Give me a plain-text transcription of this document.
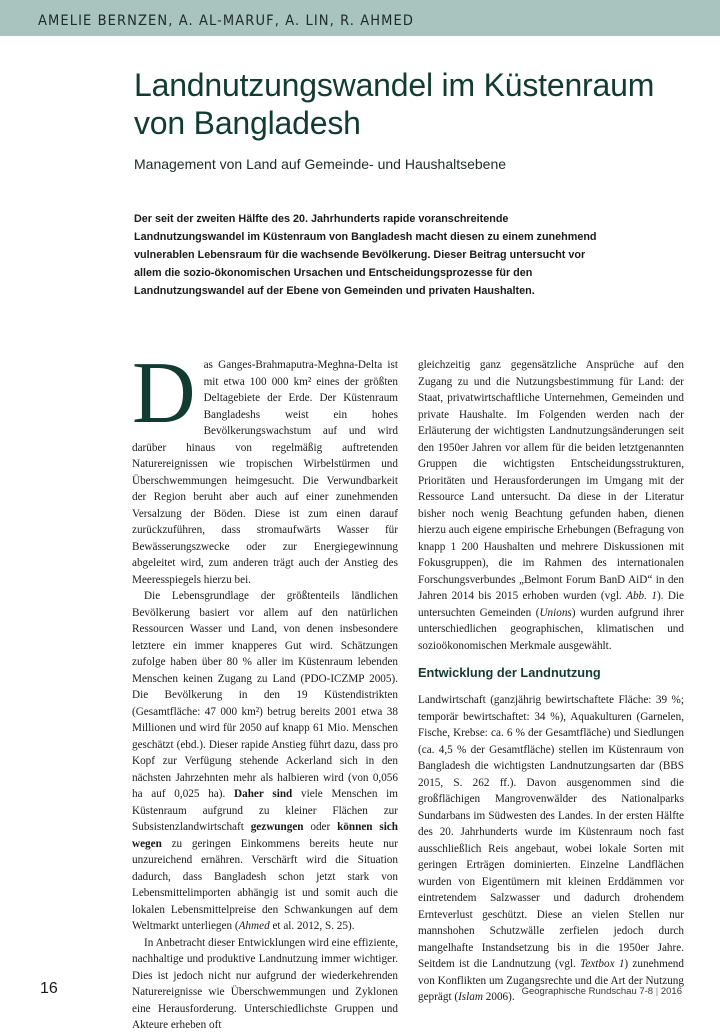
AMELIE BERNZEN, A. AL-MARUF, A. LIN, R. AHMED
Landnutzungswandel im Küstenraum von Bangladesh
Management von Land auf Gemeinde- und Haushaltsebene

Der seit der zweiten Hälfte des 20. Jahrhunderts rapide voranschreitende Landnutzungswandel im Küstenraum von Bangladesh macht diesen zu einem zunehmend vulnerablen Lebensraum für die wachsende Bevölkerung. Dieser Beitrag untersucht vor allem die sozio-ökonomischen Ursachen und Entscheidungsprozesse für den Landnutzungswandel auf der Ebene von Gemeinden und privaten Haushalten.

Das Ganges-Brahmaputra-Meghna-Delta ist mit etwa 100 000 km² eines der größten Deltagebiete der Erde. Der Küstenraum Bangladeshs weist ein hohes Bevölkerungswachstum auf und wird darüber hinaus von regelmäßig auftretenden Naturereignissen wie tropischen Wirbelstürmen und Überschwemmungen heimgesucht. Die Verwundbarkeit der Region beruht aber auch auf einer zunehmenden Versalzung der Böden. Diese ist zum einen darauf zurückzuführen, dass stromaufwärts Wasser für Bewässerungszwecke oder zur Energiegewinnung abgeleitet wird, zum anderen trägt auch der Anstieg des Meeresspiegels hierzu bei.

Die Lebensgrundlage der größtenteils ländlichen Bevölkerung basiert vor allem auf den natürlichen Ressourcen Wasser und Land, von denen insbesondere letztere ein immer knapperes Gut wird. Schätzungen zufolge haben über 80 % aller im Küstenraum lebenden Menschen keinen Zugang zu Land (PDO-ICZMP 2005). Die Bevölkerung in den 19 Küstendistrikten (Gesamtfläche: 47 000 km²) betrug bereits 2001 etwa 38 Millionen und wird für 2050 auf knapp 61 Mio. Menschen geschätzt (ebd.). Dieser rapide Anstieg führt dazu, dass pro Kopf zur Verfügung stehende Ackerland sich in den nächsten Jahrzehnten mehr als halbieren wird (von 0,056 ha auf 0,025 ha). Daher sind viele Menschen im Küstenraum aufgrund zu kleiner Flächen zur Subsistenzlandwirtschaft gezwungen oder können sich wegen zu geringen Einkommens bereits heute nur unzureichend ernähren. Verschärft wird die Situation dadurch, dass Bangladesh schon jetzt stark von Lebensmittelimporten abhängig ist und somit auch die lokalen Lebensmittelpreise den Schwankungen auf dem Weltmarkt unterliegen (Ahmed et al. 2012, S. 25).

In Anbetracht dieser Entwicklungen wird eine effiziente, nachhaltige und produktive Landnutzung immer wichtiger. Dies ist jedoch nicht nur aufgrund der wiederkehrenden Naturereignisse wie Überschwemmungen und Zyklonen eine Herausforderung. Unterschiedlichste Gruppen und Akteure erheben oft

gleichzeitig ganz gegensätzliche Ansprüche auf den Zugang zu und die Nutzungsbestimmung für Land: der Staat, privatwirtschaftliche Unternehmen, Gemeinden und private Haushalte. Im Folgenden werden nach der Erläuterung der wichtigsten Landnutzungsänderungen seit den 1950er Jahren vor allem für die beiden letztgenannten Gruppen die wichtigsten Entscheidungsstrukturen, Prioritäten und Herausforderungen im Umgang mit der Ressource Land untersucht. Da diese in der Literatur bisher noch wenig Beachtung gefunden haben, dienen hierzu auch eigene empirische Erhebungen (Befragung von knapp 1 200 Haushalten und mehrere Diskussionen mit Fokusgruppen), die im Rahmen des internationalen Forschungsverbundes „Belmont Forum BanD AiD“ in den Jahren 2014 bis 2015 erhoben wurden (vgl. Abb. 1). Die untersuchten Gemeinden (Unions) wurden aufgrund ihrer unterschiedlichen geographischen, klimatischen und sozioökonomischen Merkmale ausgewählt.

Entwicklung der Landnutzung

Landwirtschaft (ganzjährig bewirtschaftete Fläche: 39 %; temporär bewirtschaftet: 34 %), Aquakulturen (Garnelen, Fische, Krebse: ca. 6 % der Gesamtfläche) und Siedlungen (ca. 4,5 % der Gesamtfläche) stellen im Küstenraum von Bangladesh die wichtigsten Landnutzungsarten dar (BBS 2015, S. 262 ff.). Davon ausgenommen sind die großflächigen Mangrovenwälder des Nationalparks Sundarbans im Südwesten des Landes. In der ersten Hälfte des 20. Jahrhunderts wurde im Küstenraum noch fast ausschließlich Reis angebaut, wobei lokale Sorten mit geringen Erträgen dominierten. Einzelne Landflächen wurden von Eigentümern mit kleinen Erddämmen vor eintretendem Salzwasser und dadurch drohendem Ernteverlust geschützt. Diese an vielen Stellen nur mannshohen Schutzwälle zerfielen jedoch durch mangelhafte Instandsetzung bis in die 1950er Jahre. Seitdem ist die Landnutzung (vgl. Textbox 1) zunehmend von Konflikten um Zugangsrechte und die Art der Nutzung geprägt (Islam 2006).

16	Geographische Rundschau 7-8 | 2016
